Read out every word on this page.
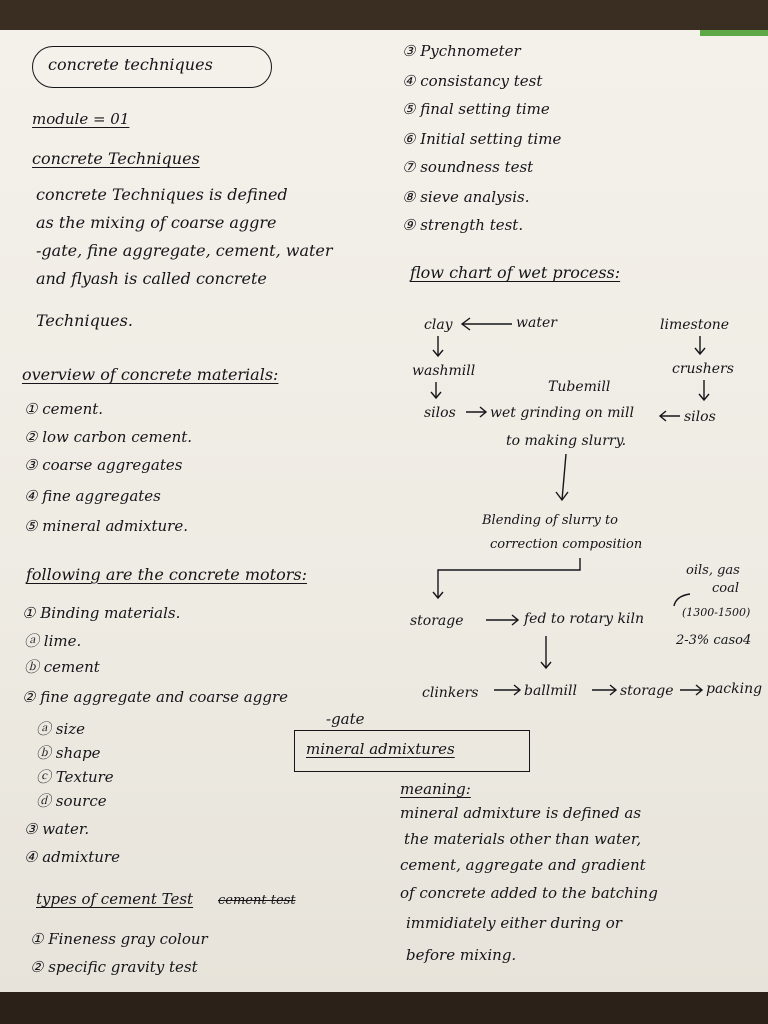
concrete techniques
module = 01
concrete Techniques
concrete Techniques is defined
as the mixing of coarse aggre
-gate, fine aggregate, cement, water
and flyash is called concrete
Techniques.
overview of concrete materials:
① cement.
② low carbon cement.
③ coarse aggregates
④ fine aggregates
⑤ mineral admixture.
following are the concrete motors:
① Binding materials.
ⓐ lime.
ⓑ cement
② fine aggregate and coarse aggre
-gate
ⓐ size
ⓑ shape
ⓒ Texture
ⓓ source
③ water.
④ admixture
types of cement Test cement test
① Fineness gray colour
② specific gravity test
③ Pychnometer
④ consistancy test
⑤ final setting time
⑥ Initial setting time
⑦ soundness test
⑧ sieve analysis.
⑨ strength test.
flow chart of wet process:
clay	water	limestone
washmill
Tubemill
crushers
silos wet grinding on mill	silos
to making slurry.
Blending of slurry to
correction composition
oils, gas
coal
storage	fed to rotary kiln	(1300-1500)
2-3% caso4
clinkers	ballmill	storage packing
mineral admixtures
meaning:
mineral admixture is defined as
the materials other than water,
cement, aggregate and gradient
of concrete added to the batching
immidiately either during or
before mixing.
